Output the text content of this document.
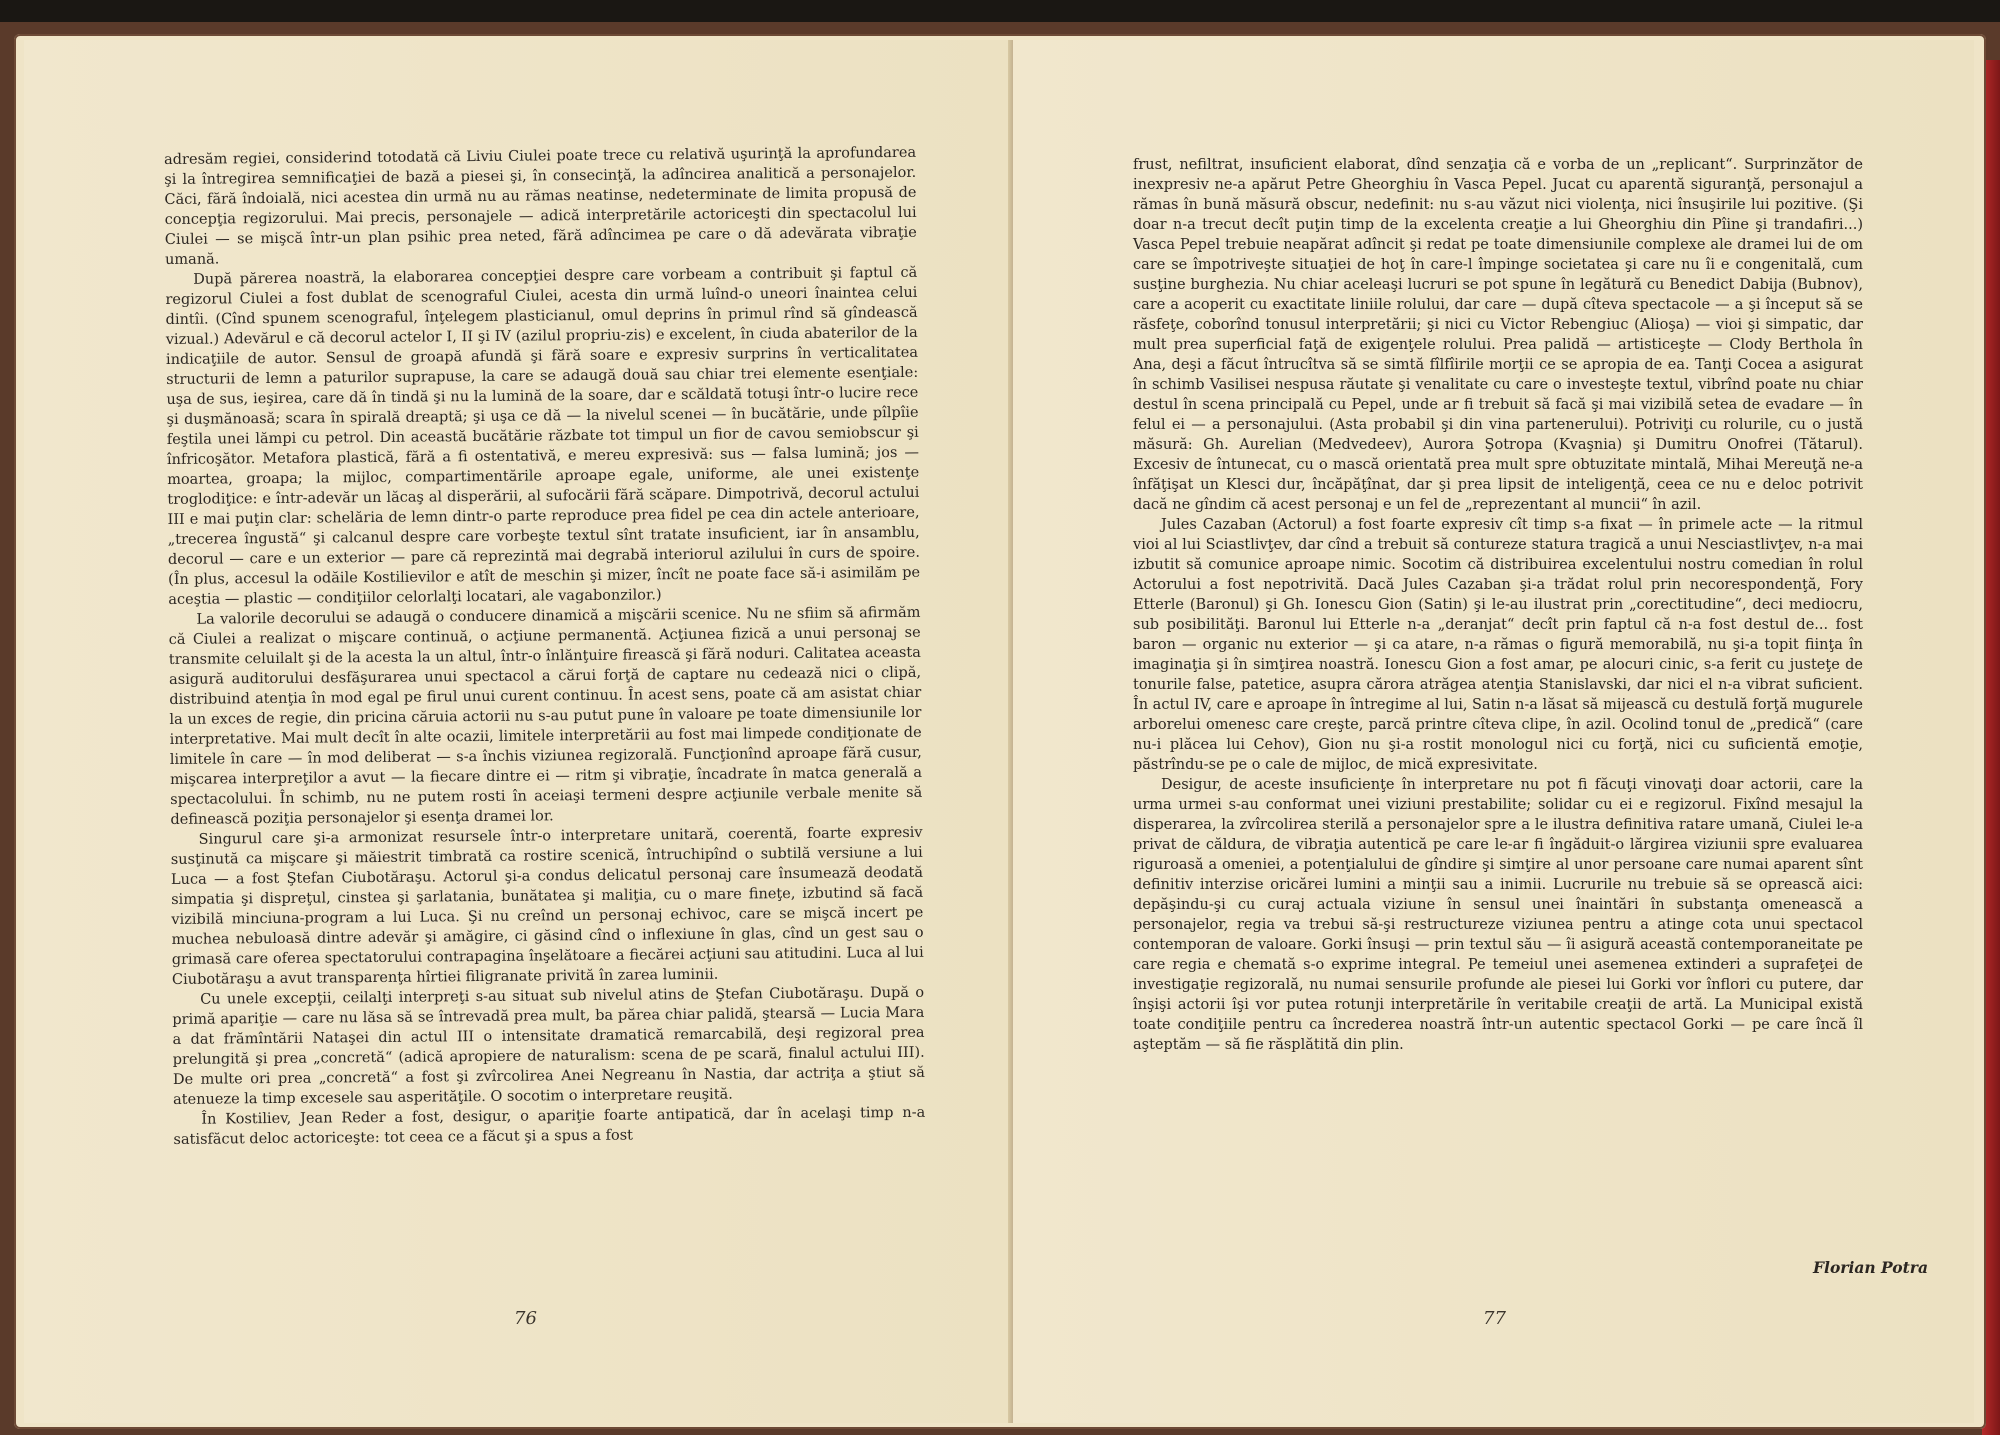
adresăm regiei, considerind totodată că Liviu Ciulei poate trece cu relativă uşurinţă la aprofundarea şi la întregirea semnificaţiei de bază a piesei şi, în consecinţă, la adîncirea analitică a personajelor. Căci, fără îndoială, nici acestea din urmă nu au rămas neatinse, nedeterminate de limita propusă de concepţia regizorului. Mai precis, personajele — adică interpretările actoriceşti din spectacolul lui Ciulei — se mişcă într-un plan psihic prea neted, fără adîncimea pe care o dă adevărata vibraţie umană.

După părerea noastră, la elaborarea concepţiei despre care vorbeam a contribuit şi faptul că regizorul Ciulei a fost dublat de scenograful Ciulei, acesta din urmă luînd-o uneori înaintea celui dintîi. (Cînd spunem scenograful, înţelegem plasticianul, omul deprins în primul rînd să gîndească vizual.) Adevărul e că decorul actelor I, II şi IV (azilul propriu-zis) e excelent, în ciuda abaterilor de la indicaţiile de autor. Sensul de groapă afundă şi fără soare e expresiv surprins în verticalitatea structurii de lemn a paturilor suprapuse, la care se adaugă două sau chiar trei elemente esenţiale: uşa de sus, ieşirea, care dă în tindă şi nu la lumină de la soare, dar e scăldată totuşi într-o lucire rece şi duşmănoasă; scara în spirală dreaptă; şi uşa ce dă — la nivelul scenei — în bucătărie, unde pîlpîie feştila unei lămpi cu petrol. Din această bucătărie răzbate tot timpul un fior de cavou semiobscur şi înfricoşător. Metafora plastică, fără a fi ostentativă, e mereu expresivă: sus — falsa lumină; jos — moartea, groapa; la mijloc, compartimentările aproape egale, uniforme, ale unei existenţe troglodiţice: e într-adevăr un lăcaş al disperării, al sufocării fără scăpare. Dimpotrivă, decorul actului III e mai puţin clar: schelăria de lemn dintr-o parte reproduce prea fidel pe cea din actele anterioare, „trecerea îngustă“ şi calcanul despre care vorbeşte textul sînt tratate insuficient, iar în ansamblu, decorul — care e un exterior — pare că reprezintă mai degrabă interiorul azilului în curs de spoire. (În plus, accesul la odăile Kostilievilor e atît de meschin şi mizer, încît ne poate face să-i asimilăm pe aceştia — plastic — condiţiilor celorlalţi locatari, ale vagabonzilor.)

La valorile decorului se adaugă o conducere dinamică a mişcării scenice. Nu ne sfiim să afirmăm că Ciulei a realizat o mişcare continuă, o acţiune permanentă. Acţiunea fizică a unui personaj se transmite celuilalt şi de la acesta la un altul, într-o înlănţuire firească şi fără noduri. Calitatea aceasta asigură auditorului desfăşurarea unui spectacol a cărui forţă de captare nu cedează nici o clipă, distribuind atenţia în mod egal pe firul unui curent continuu. În acest sens, poate că am asistat chiar la un exces de regie, din pricina căruia actorii nu s-au putut pune în valoare pe toate dimensiunile lor interpretative. Mai mult decît în alte ocazii, limitele interpretării au fost mai limpede condiţionate de limitele în care — în mod deliberat — s-a închis viziunea regizorală. Funcţionînd aproape fără cusur, mişcarea interpreţilor a avut — la fiecare dintre ei — ritm şi vibraţie, încadrate în matca generală a spectacolului. În schimb, nu ne putem rosti în aceiaşi termeni despre acţiunile verbale menite să definească poziţia personajelor şi esenţa dramei lor.

Singurul care şi-a armonizat resursele într-o interpretare unitară, coerentă, foarte expresiv susţinută ca mişcare şi măiestrit timbrată ca rostire scenică, întruchipînd o subtilă versiune a lui Luca — a fost Ştefan Ciubotăraşu. Actorul şi-a condus delicatul personaj care însumează deodată simpatia şi dispreţul, cinstea şi şarlatania, bunătatea şi maliţia, cu o mare fineţe, izbutind să facă vizibilă minciuna-program a lui Luca. Şi nu creînd un personaj echivoc, care se mişcă incert pe muchea nebuloasă dintre adevăr şi amăgire, ci găsind cînd o inflexiune în glas, cînd un gest sau o grimasă care oferea spectatorului contrapagina înşelătoare a fiecărei acţiuni sau atitudini. Luca al lui Ciubotăraşu a avut transparenţa hîrtiei filigranate privită în zarea luminii.

Cu unele excepţii, ceilalţi interpreţi s-au situat sub nivelul atins de Ştefan Ciubotăraşu. După o primă apariţie — care nu lăsa să se întrevadă prea mult, ba părea chiar palidă, ştearsă — Lucia Mara a dat frămîntării Nataşei din actul III o intensitate dramatică remarcabilă, deşi regizoral prea prelungită şi prea „concretă“ (adică apropiere de naturalism: scena de pe scară, finalul actului III). De multe ori prea „concretă“ a fost şi zvîrcolirea Anei Negreanu în Nastia, dar actriţa a ştiut să atenueze la timp excesele sau asperităţile. O socotim o interpretare reuşită.

În Kostiliev, Jean Reder a fost, desigur, o apariţie foarte antipatică, dar în acelaşi timp n-a satisfăcut deloc actoriceşte: tot ceea ce a făcut şi a spus a fost

76

frust, nefiltrat, insuficient elaborat, dînd senzaţia că e vorba de un „replicant“. Surprinzător de inexpresiv ne-a apărut Petre Gheorghiu în Vasca Pepel. Jucat cu aparentă siguranţă, personajul a rămas în bună măsură obscur, nedefinit: nu s-au văzut nici violenţa, nici însuşirile lui pozitive. (Şi doar n-a trecut decît puţin timp de la excelenta creaţie a lui Gheorghiu din Pîine şi trandafiri...) Vasca Pepel trebuie neapărat adîncit şi redat pe toate dimensiunile complexe ale dramei lui de om care se împotriveşte situaţiei de hoţ în care-l împinge societatea şi care nu îi e congenitală, cum susţine burghezia. Nu chiar aceleaşi lucruri se pot spune în legătură cu Benedict Dabija (Bubnov), care a acoperit cu exactitate liniile rolului, dar care — după cîteva spectacole — a şi început să se răsfeţe, coborînd tonusul interpretării; şi nici cu Victor Rebengiuc (Alioşa) — vioi şi simpatic, dar mult prea superficial faţă de exigenţele rolului. Prea palidă — artisticeşte — Clody Berthola în Ana, deşi a făcut întrucîtva să se simtă fîlfîirile morţii ce se apropia de ea. Tanţi Cocea a asigurat în schimb Vasilisei nespusa răutate şi venalitate cu care o investeşte textul, vibrînd poate nu chiar destul în scena principală cu Pepel, unde ar fi trebuit să facă şi mai vizibilă setea de evadare — în felul ei — a personajului. (Asta probabil şi din vina partenerului). Potriviţi cu rolurile, cu o justă măsură: Gh. Aurelian (Medvedeev), Aurora Şotropa (Kvaşnia) şi Dumitru Onofrei (Tătarul). Excesiv de întunecat, cu o mască orientată prea mult spre obtuzitate mintală, Mihai Mereuţă ne-a înfăţişat un Klesci dur, încăpăţînat, dar şi prea lipsit de inteligenţă, ceea ce nu e deloc potrivit dacă ne gîndim că acest personaj e un fel de „reprezentant al muncii“ în azil.

Jules Cazaban (Actorul) a fost foarte expresiv cît timp s-a fixat — în primele acte — la ritmul vioi al lui Sciastlivţev, dar cînd a trebuit să contureze statura tragică a unui Nesciastlivţev, n-a mai izbutit să comunice aproape nimic. Socotim că distribuirea excelentului nostru comedian în rolul Actorului a fost nepotrivită. Dacă Jules Cazaban şi-a trădat rolul prin necorespondenţă, Fory Etterle (Baronul) şi Gh. Ionescu Gion (Satin) şi le-au ilustrat prin „corectitudine“, deci mediocru, sub posibilităţi. Baronul lui Etterle n-a „deranjat“ decît prin faptul că n-a fost destul de... fost baron — organic nu exterior — şi ca atare, n-a rămas o figură memorabilă, nu şi-a topit fiinţa în imaginaţia şi în simţirea noastră. Ionescu Gion a fost amar, pe alocuri cinic, s-a ferit cu justeţe de tonurile false, patetice, asupra cărora atrăgea atenţia Stanislavski, dar nici el n-a vibrat suficient. În actul IV, care e aproape în întregime al lui, Satin n-a lăsat să mijească cu destulă forţă mugurele arborelui omenesc care creşte, parcă printre cîteva clipe, în azil. Ocolind tonul de „predică“ (care nu-i plăcea lui Cehov), Gion nu şi-a rostit monologul nici cu forţă, nici cu suficientă emoţie, păstrîndu-se pe o cale de mijloc, de mică expresivitate.

Desigur, de aceste insuficienţe în interpretare nu pot fi făcuţi vinovaţi doar actorii, care la urma urmei s-au conformat unei viziuni prestabilite; solidar cu ei e regizorul. Fixînd mesajul la disperarea, la zvîrcolirea sterilă a personajelor spre a le ilustra definitiva ratare umană, Ciulei le-a privat de căldura, de vibraţia autentică pe care le-ar fi îngăduit-o lărgirea viziunii spre evaluarea riguroasă a omeniei, a potenţialului de gîndire şi simţire al unor persoane care numai aparent sînt definitiv interzise oricărei lumini a minţii sau a inimii. Lucrurile nu trebuie să se oprească aici: depăşindu-şi cu curaj actuala viziune în sensul unei înaintări în substanţa omenească a personajelor, regia va trebui să-şi restructureze viziunea pentru a atinge cota unui spectacol contemporan de valoare. Gorki însuşi — prin textul său — îi asigură această contemporaneitate pe care regia e chemată s-o exprime integral. Pe temeiul unei asemenea extinderi a suprafeţei de investigaţie regizorală, nu numai sensurile profunde ale piesei lui Gorki vor înflori cu putere, dar înşişi actorii îşi vor putea rotunji interpretările în veritabile creaţii de artă. La Municipal există toate condiţiile pentru ca încrederea noastră într-un autentic spectacol Gorki — pe care încă îl aşteptăm — să fie răsplătită din plin.

Florian Potra
77
